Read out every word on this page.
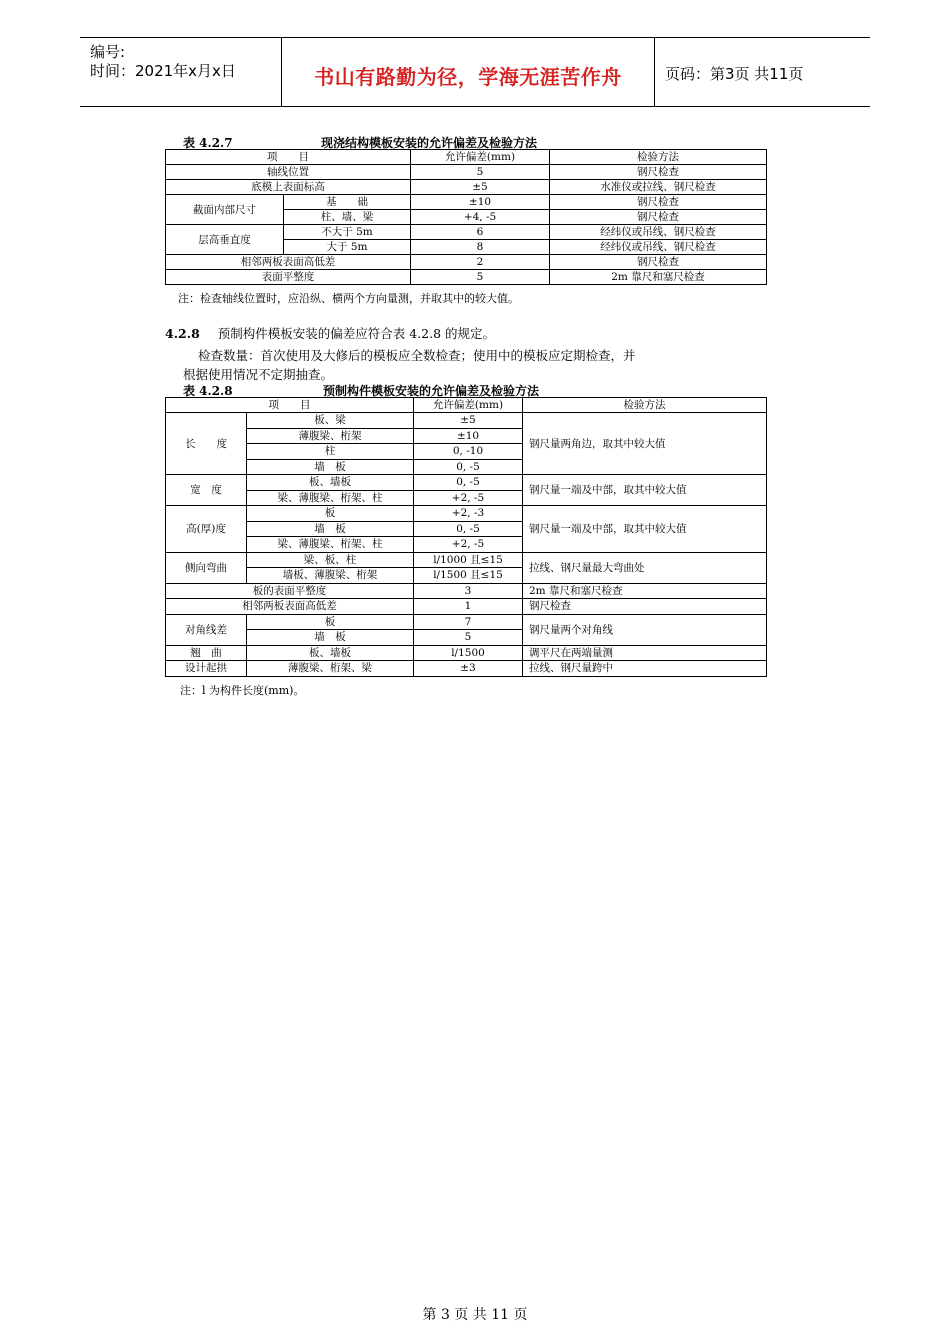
编号:
时间：2021年x月x日	书山有路勤为径，学海无涯苦作舟	页码：第3页 共11页
表 4.2.7	现浇结构模板安装的允许偏差及检验方法
项　　目		允许偏差(mm)	检验方法
轴线位置		5	钢尺检查
底模上表面标高		±5	水准仪或拉线、钢尺检查
截面内部尺寸	基　　础	±10	钢尺检查
	柱、墙、梁	+4, -5	钢尺检查
层高垂直度	不大于 5m	6	经纬仪或吊线、钢尺检查
	大于 5m	8	经纬仪或吊线、钢尺检查
相邻两板表面高低差		2	钢尺检查
表面平整度		5	2m 靠尺和塞尺检查
注：检查轴线位置时，应沿纵、横两个方向量测，并取其中的较大值。
4.2.8 预制构件模板安装的偏差应符合表 4.2.8 的规定。
检查数量：首次使用及大修后的模板应全数检查；使用中的模板应定期检查，并
根据使用情况不定期抽查。
表 4.2.8	预制构件模板安装的允许偏差及检验方法
项　　目		允许偏差(mm)	检验方法
长　　度	板、梁	±5	钢尺量两角边，取其中较大值
	薄腹梁、桁架	±10	
	柱	0, -10	
	墙　板	0, -5	
宽　度	板、墙板	0, -5	钢尺量一端及中部，取其中较大值
	梁、薄腹梁、桁架、柱	+2, -5	
高(厚)度	板	+2, -3	钢尺量一端及中部，取其中较大值
	墙　板	0, -5	
	梁、薄腹梁、桁架、柱	+2, -5	
侧向弯曲	梁、板、柱	l/1000 且≤15	拉线、钢尺量最大弯曲处
	墙板、薄腹梁、桁架	l/1500 且≤15	
板的表面平整度		3	2m 靠尺和塞尺检查
相邻两板表面高低差		1	钢尺检查
对角线差	板	7	钢尺量两个对角线
	墙　板	5	
翘　曲	板、墙板	l/1500	调平尺在两端量测
设计起拱	薄腹梁、桁架、梁	±3	拉线、钢尺量跨中
注：l 为构件长度(mm)。
第 3 页 共 11 页
